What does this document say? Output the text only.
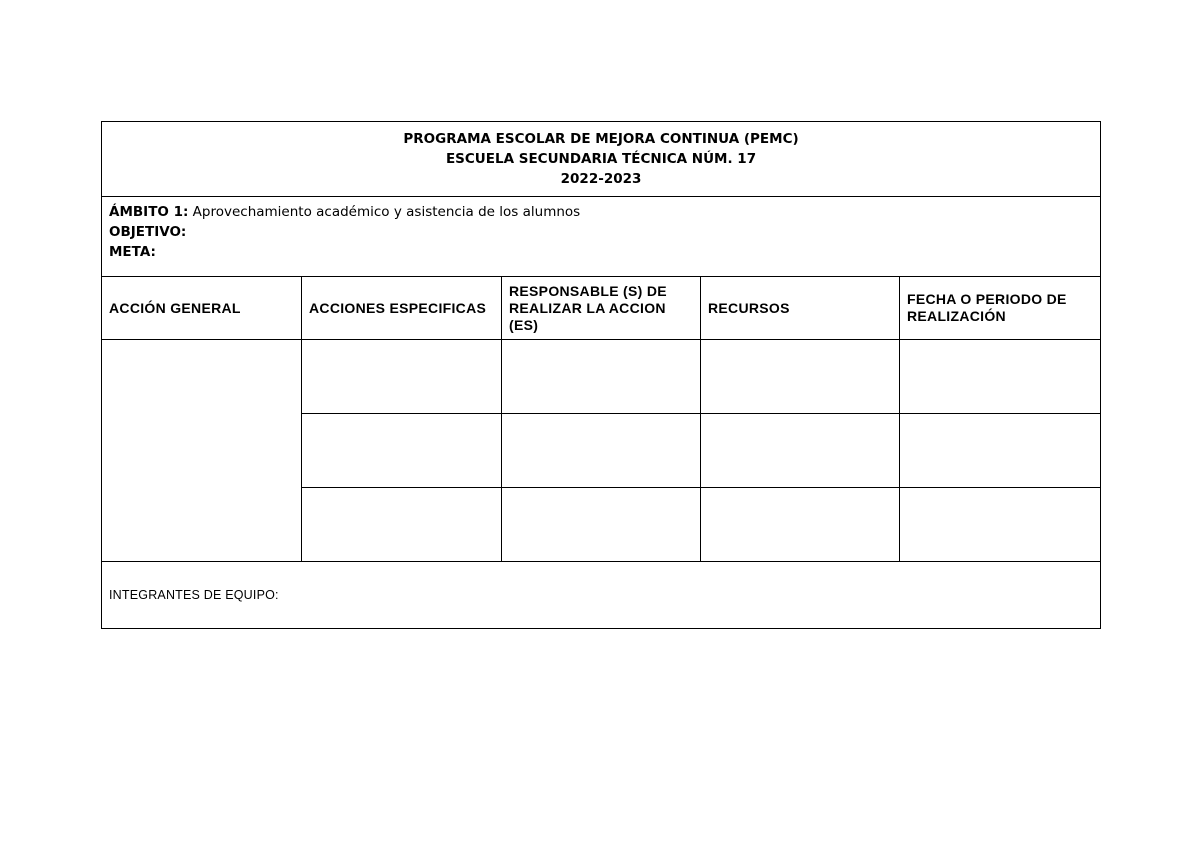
PROGRAMA ESCOLAR DE MEJORA CONTINUA (PEMC)
ESCUELA SECUNDARIA TÉCNICA NÚM. 17
2022-2023				

ÁMBITO 1: Aprovechamiento académico y asistencia de los alumnos
OBJETIVO:
META:				

ACCIÓN GENERAL	ACCIONES ESPECIFICAS	RESPONSABLE (S) DE REALIZAR LA ACCION (ES)	RECURSOS	FECHA O PERIODO DE REALIZACIÓN

INTEGRANTES DE EQUIPO:				
